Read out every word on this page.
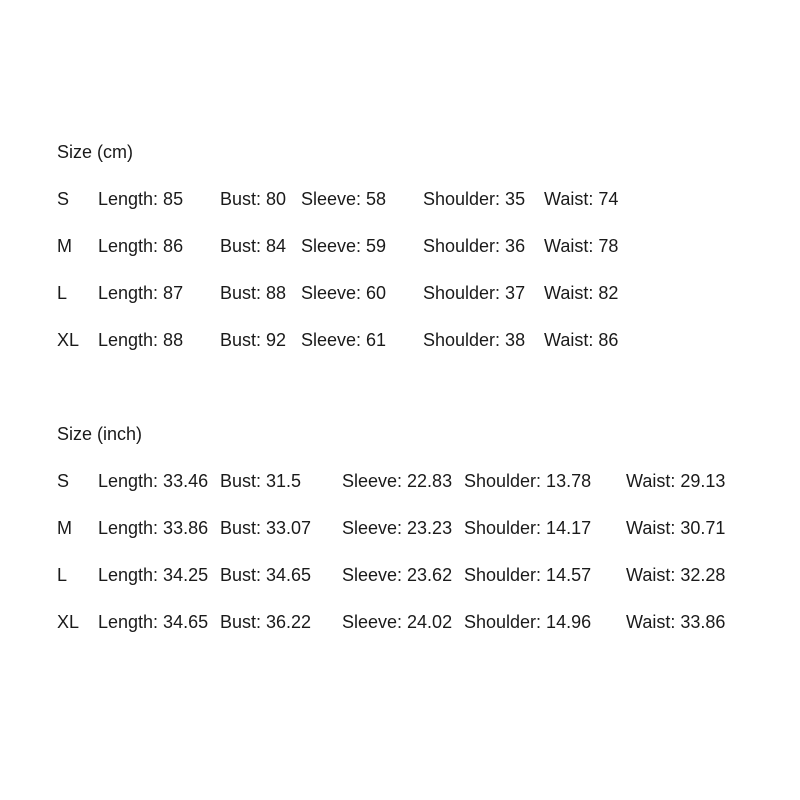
Size (cm)
S Length: 85 Bust: 80 Sleeve: 58 Shoulder: 35 Waist: 74
M Length: 86 Bust: 84 Sleeve: 59 Shoulder: 36 Waist: 78
L Length: 87 Bust: 88 Sleeve: 60 Shoulder: 37 Waist: 82
XL Length: 88 Bust: 92 Sleeve: 61 Shoulder: 38 Waist: 86
Size (inch)
S Length: 33.46 Bust: 31.5 Sleeve: 22.83 Shoulder: 13.78 Waist: 29.13
M Length: 33.86 Bust: 33.07 Sleeve: 23.23 Shoulder: 14.17 Waist: 30.71
L Length: 34.25 Bust: 34.65 Sleeve: 23.62 Shoulder: 14.57 Waist: 32.28
XL Length: 34.65 Bust: 36.22 Sleeve: 24.02 Shoulder: 14.96 Waist: 33.86
